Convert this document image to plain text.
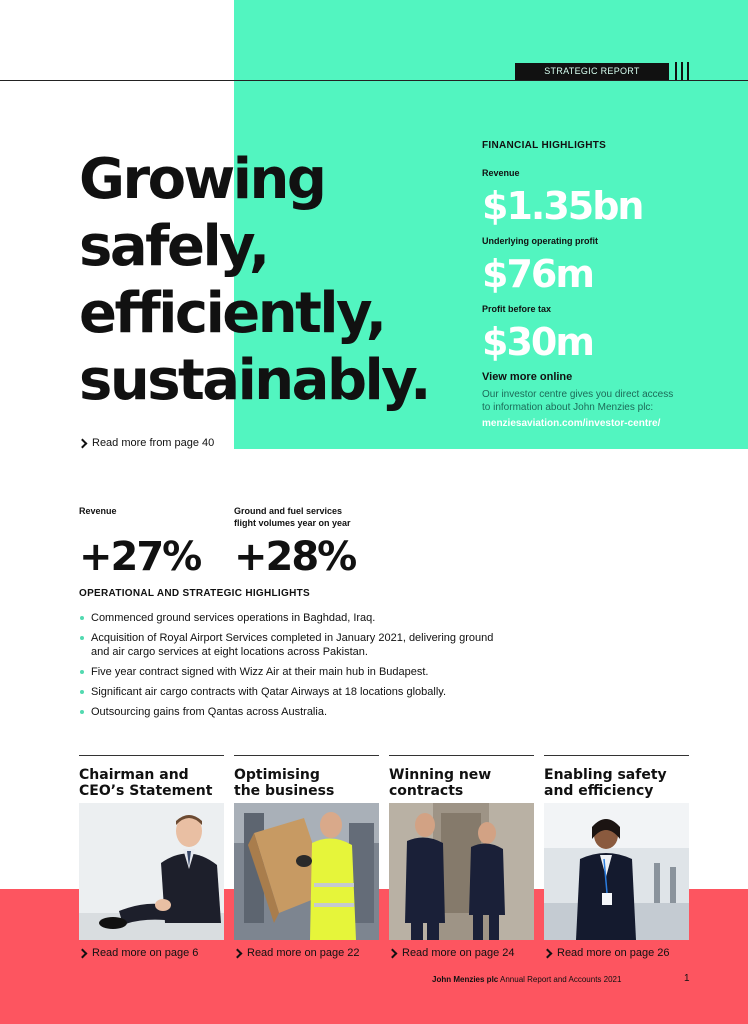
STRATEGIC REPORT
Growing
safely,
efficiently,
sustainably.
Read more from page 40
FINANCIAL HIGHLIGHTS
Revenue
$1.35bn
Underlying operating profit
$76m
Profit before tax
$30m
View more online
Our investor centre gives you direct access
to information about John Menzies plc:
menziesaviation.com/investor-centre/
Revenue
+27%
Ground and fuel services
flight volumes year on year
+28%
OPERATIONAL AND STRATEGIC HIGHLIGHTS
Commenced ground services operations in Baghdad, Iraq.
Acquisition of Royal Airport Services completed in January 2021, delivering ground and air cargo services at eight locations across Pakistan.
Five year contract signed with Wizz Air at their main hub in Budapest.
Significant air cargo contracts with Qatar Airways at 18 locations globally.
Outsourcing gains from Qantas across Australia.
Chairman and
CEO’s Statement
Read more on page 6
Optimising
the business
Read more on page 22
Winning new
contracts
Read more on page 24
Enabling safety
and efficiency
Read more on page 26
John Menzies plc Annual Report and Accounts 2021	1
